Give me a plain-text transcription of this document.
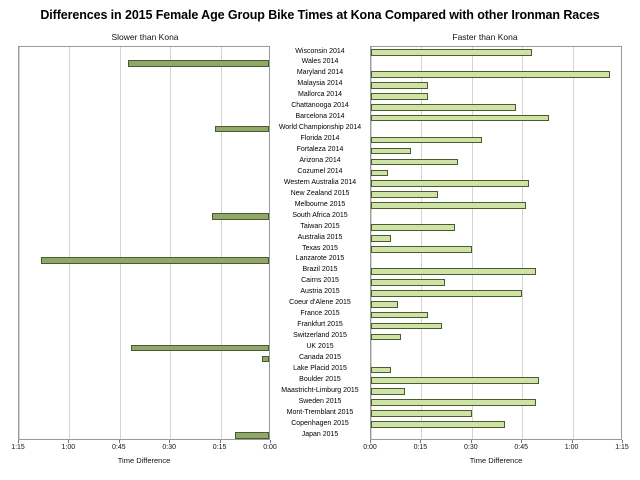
Differences in 2015 Female Age Group Bike Times at Kona Compared with other Ironman Races
Slower than Kona	Faster than Kona
Wisconsin 2014
Wales 2014
Maryland 2014
Malaysia 2014
Mallorca 2014
Chattanooga 2014
Barcelona 2014
World Championship 2014
Florida 2014
Fortaleza 2014
Arizona 2014
Cozumel 2014
Western Australia 2014
New Zealand 2015
Melbourne 2015
South Africa 2015
Taiwan 2015
Australia 2015
Texas 2015
Lanzarote 2015
Brazil 2015
Cairns 2015
Austria 2015
Coeur d'Alene 2015
France 2015
Frankfurt 2015
Switzerland 2015
UK 2015
Canada 2015
Lake Placid 2015
Boulder 2015
Maastricht-Limburg 2015
Sweden 2015
Mont-Tremblant 2015
Copenhagen 2015
Japan 2015
1:15	1:00	0:45	0:30	0:15	0:00
Time Difference
0:00	0:15	0:30	0:45	1:00	1:15
Time Difference
